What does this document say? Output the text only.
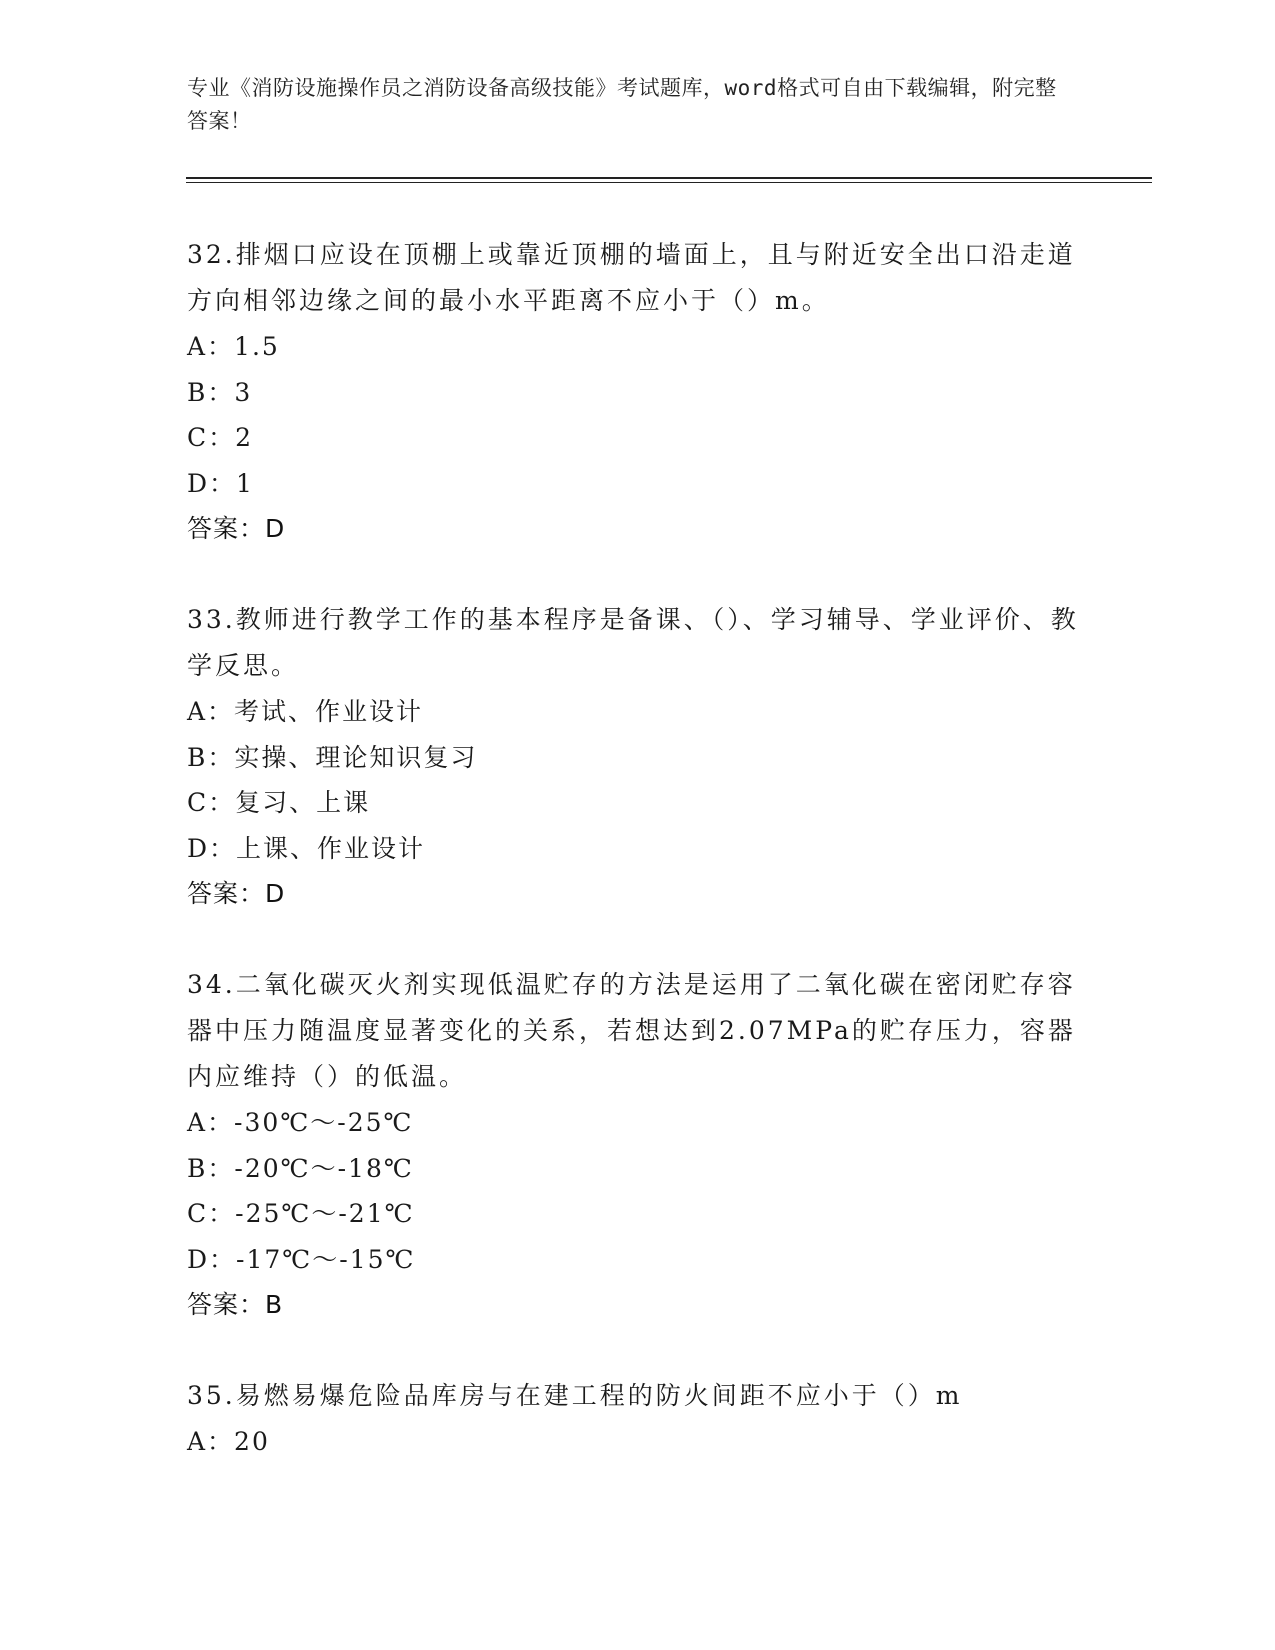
专业《消防设施操作员之消防设备高级技能》考试题库，word格式可自由下载编辑，附完整答案！

32.排烟口应设在顶棚上或靠近顶棚的墙面上，且与附近安全出口沿走道方向相邻边缘之间的最小水平距离不应小于（）m。

A：1.5

B：3

C：2

D：1

答案：D

33.教师进行教学工作的基本程序是备课、（）、学习辅导、学业评价、教学反思。

A：考试、作业设计

B：实操、理论知识复习

C：复习、上课

D：上课、作业设计

答案：D

34.二氧化碳灭火剂实现低温贮存的方法是运用了二氧化碳在密闭贮存容器中压力随温度显著变化的关系，若想达到2.07MPa的贮存压力，容器内应维持（）的低温。

A：-30℃～-25℃

B：-20℃～-18℃

C：-25℃～-21℃

D：-17℃～-15℃

答案：B

35.易燃易爆危险品库房与在建工程的防火间距不应小于（）m

A：20
